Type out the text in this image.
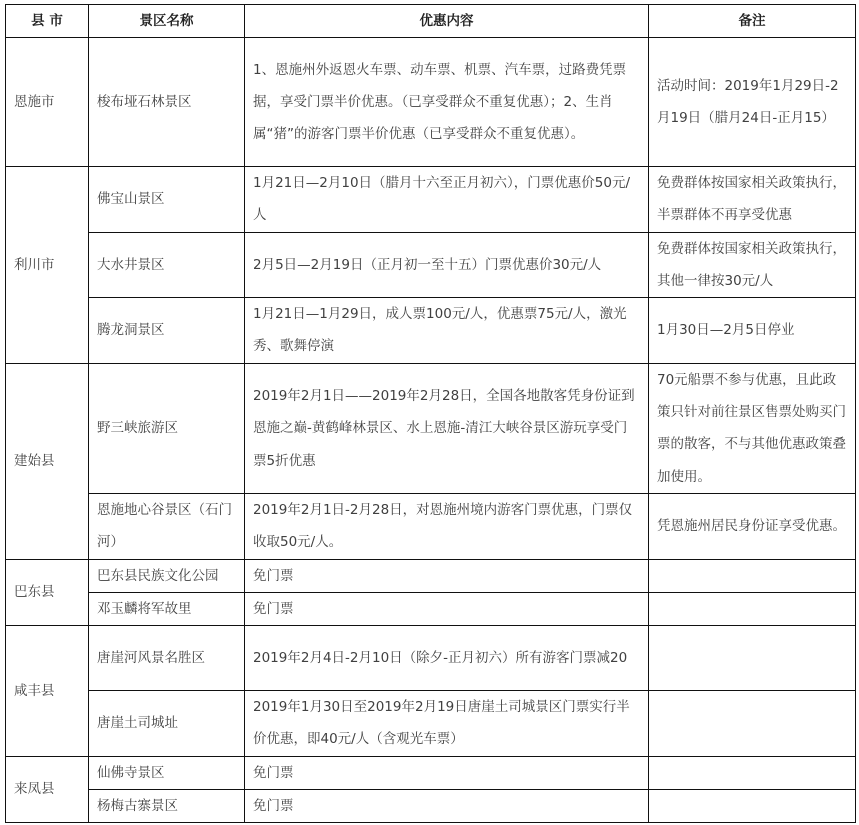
县 市	景区名称	优惠内容	备注
恩施市	梭布垭石林景区	1、恩施州外返恩火车票、动车票、机票、汽车票，过路费凭票据，享受门票半价优惠。（已享受群众不重复优惠）；2、生肖属“猪”的游客门票半价优惠（已享受群众不重复优惠）。	活动时间：2019年1月29日-2月19日（腊月24日-正月15）
利川市	佛宝山景区	1月21日—2月10日（腊月十六至正月初六），门票优惠价50元/人	免费群体按国家相关政策执行，半票群体不再享受优惠
	大水井景区	2月5日—2月19日（正月初一至十五）门票优惠价30元/人	免费群体按国家相关政策执行，其他一律按30元/人
	腾龙洞景区	1月21日—1月29日，成人票100元/人，优惠票75元/人，激光秀、歌舞停演	1月30日—2月5日停业
建始县	野三峡旅游区	2019年2月1日——2019年2月28日，全国各地散客凭身份证到恩施之巅-黄鹤峰林景区、水上恩施-清江大峡谷景区游玩享受门票5折优惠	70元船票不参与优惠，且此政策只针对前往景区售票处购买门票的散客，不与其他优惠政策叠加使用。
	恩施地心谷景区（石门河）	2019年2月1日-2月28日，对恩施州境内游客门票优惠，门票仅收取50元/人。	凭恩施州居民身份证享受优惠。
巴东县	巴东县民族文化公园	免门票	
	邓玉麟将军故里	免门票	
咸丰县	唐崖河风景名胜区	2019年2月4日-2月10日（除夕-正月初六）所有游客门票减20	
	唐崖土司城址	2019年1月30日至2019年2月19日唐崖土司城景区门票实行半价优惠，即40元/人（含观光车票）	
来凤县	仙佛寺景区	免门票	
	杨梅古寨景区	免门票	
